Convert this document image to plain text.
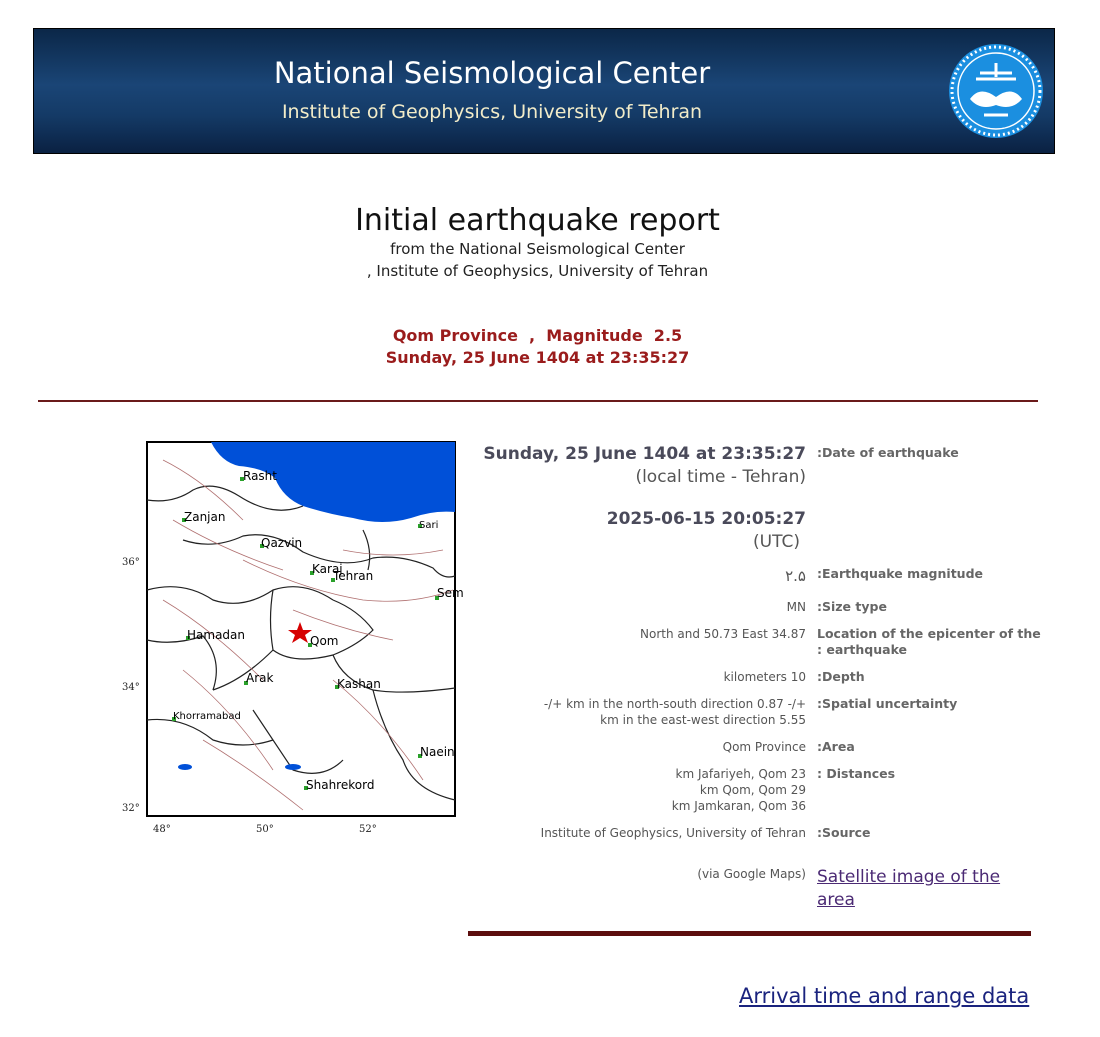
National Seismological Center
Institute of Geophysics, University of Tehran
Initial earthquake report
from the National Seismological Center
, Institute of Geophysics, University of Tehran
Qom Province  ,  Magnitude  2.5
Sunday, 25 June 1404 at 23:35:27
Rasht
Zanjan
Sari
Qazvin
Karaj
Tehran
Sem
Hamadan	Qom
Arak	Kashan
Khorramabad
Naein
Shahrekord
36°
34°
32°
48°	50°	52°
Sunday, 25 June 1404 at 23:35:27
(local time - Tehran)
:Date of earthquake
2025-06-15 20:05:27
(UTC)
۲.۵ :Earthquake magnitude
MN :Size type
North and 50.73 East 34.87 Location of the epicenter of the
: earthquake
kilometers 10 :Depth
-/+ km in the north-south direction 0.87 -/+
km in the east-west direction 5.55
:Spatial uncertainty
Qom Province :Area
km Jafariyeh, Qom 23
km Qom, Qom 29
km Jamkaran, Qom 36
: Distances
Institute of Geophysics, University of Tehran :Source
(via Google Maps) Satellite image of the area
Arrival time and range data
